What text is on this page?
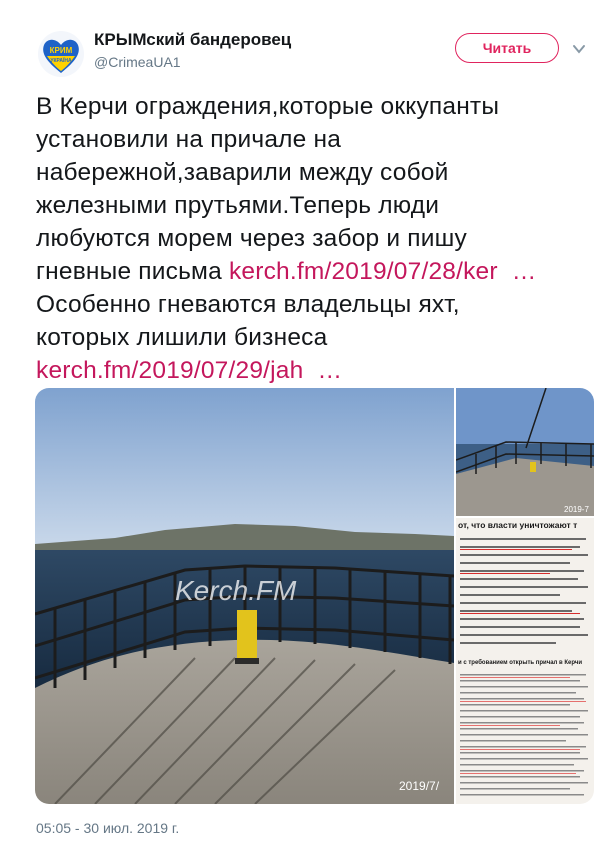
КРИМ
УКРАЇНА
КРЫМский бандеровец
@CrimeaUA1
Читать
В Керчи ограждения,которые оккупанты
установили на причале на
набережной,заварили между собой
железными прутьями.Теперь люди
любуются морем через забор и пишу
гневные письма kerch.fm/2019/07/28/ker …
Особенно гневаются владельцы яхт,
которых лишили бизнеса
kerch.fm/2019/07/29/jah …
Kerch.FM
2019/7/
2019-7
от, что власти уничтожают т
и с требованием открыть причал в Керчи
05:05 - 30 июл. 2019 г.
